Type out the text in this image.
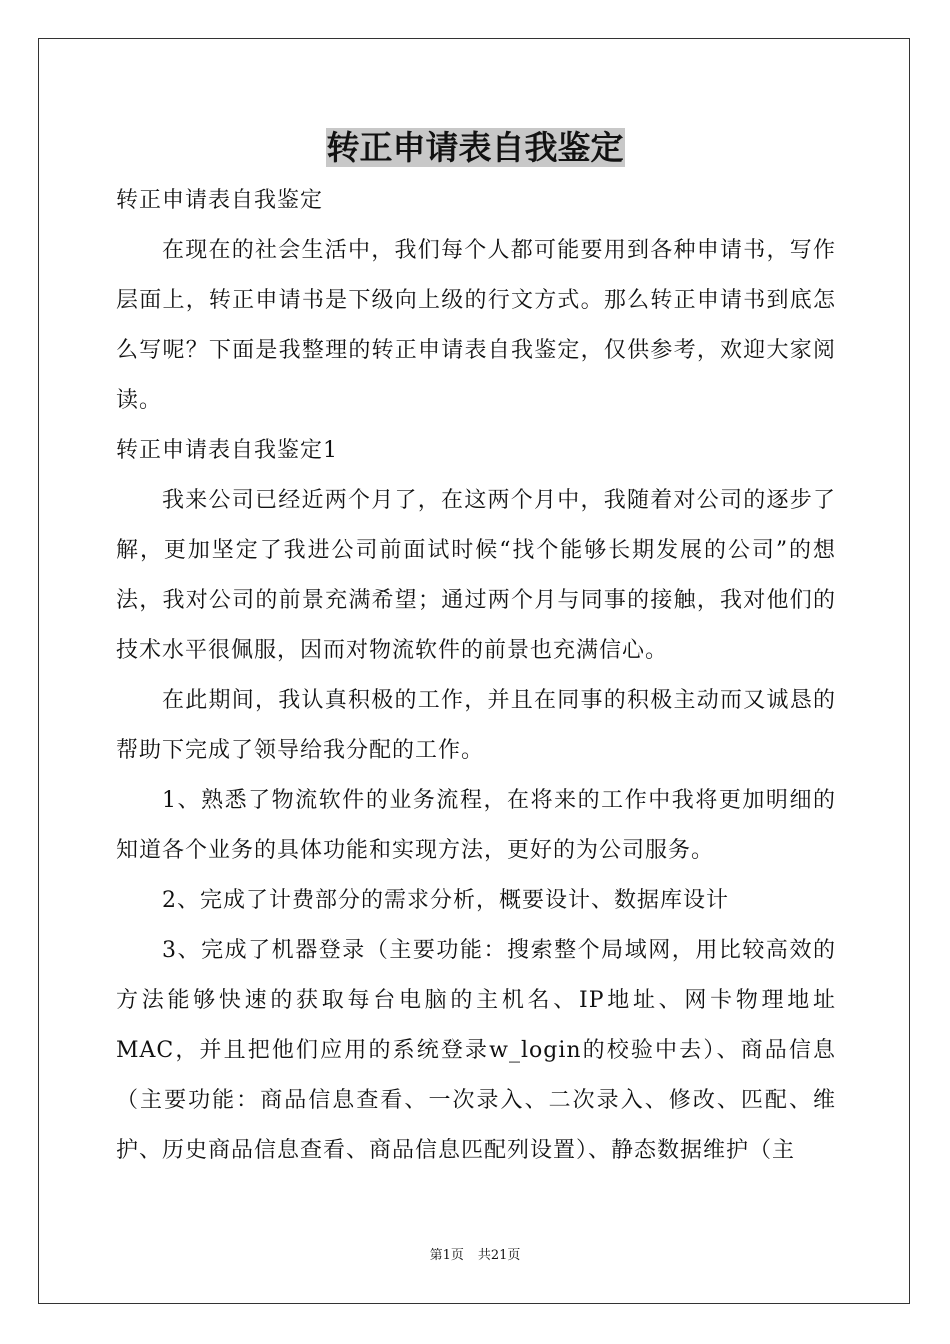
转正申请表自我鉴定

转正申请表自我鉴定

在现在的社会生活中，我们每个人都可能要用到各种申请书，写作层面上，转正申请书是下级向上级的行文方式。那么转正申请书到底怎么写呢？下面是我整理的转正申请表自我鉴定，仅供参考，欢迎大家阅读。

转正申请表自我鉴定1

我来公司已经近两个月了，在这两个月中，我随着对公司的逐步了解，更加坚定了我进公司前面试时候“找个能够长期发展的公司”的想法，我对公司的前景充满希望；通过两个月与同事的接触，我对他们的技术水平很佩服，因而对物流软件的前景也充满信心。

在此期间，我认真积极的工作，并且在同事的积极主动而又诚恳的帮助下完成了领导给我分配的工作。

1、熟悉了物流软件的业务流程，在将来的工作中我将更加明细的知道各个业务的具体功能和实现方法，更好的为公司服务。

2、完成了计费部分的需求分析，概要设计、数据库设计

3、完成了机器登录（主要功能：搜索整个局域网，用比较高效的方法能够快速的获取每台电脑的主机名、IP地址、网卡物理地址MAC，并且把他们应用的系统登录w_login的校验中去）、商品信息（主要功能：商品信息查看、一次录入、二次录入、修改、匹配、维护、历史商品信息查看、商品信息匹配列设置）、静态数据维护（主

第1页 共21页
